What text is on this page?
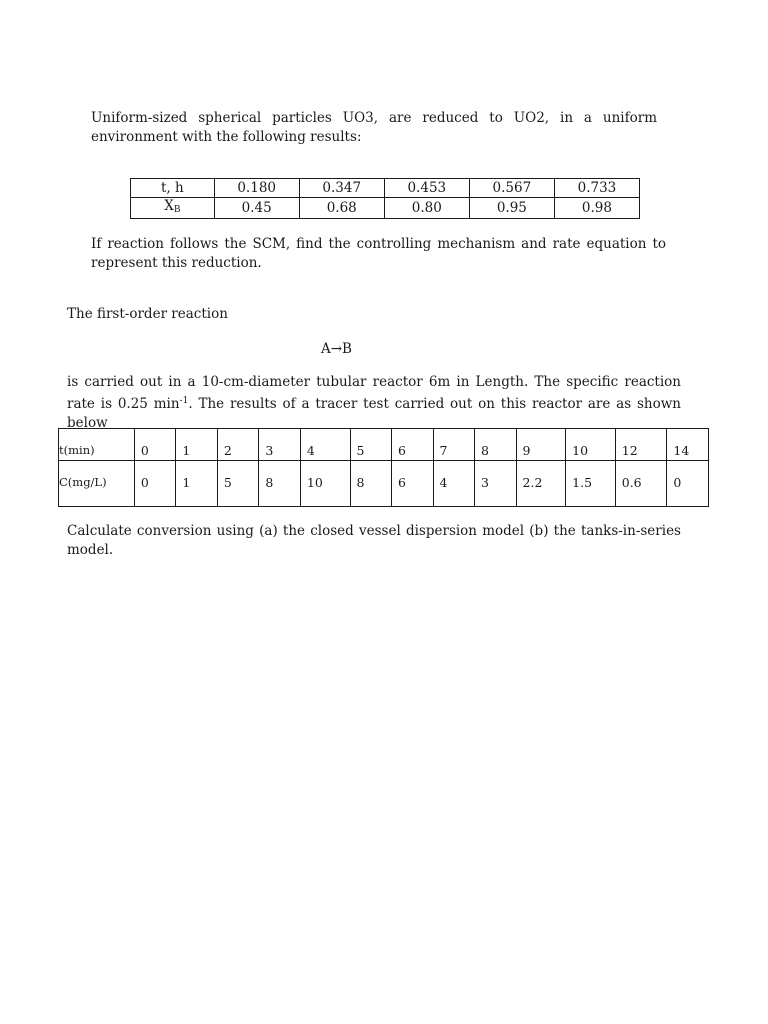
Uniform-sized spherical particles UO3, are reduced to UO2, in a uniform environment with the following results:

t, h	0.180	0.347	0.453	0.567	0.733
$X_B$	0.45	0.68	0.80	0.95	0.98

If reaction follows the SCM, find the controlling mechanism and rate equation to represent this reduction.

The first-order reaction

A→B

is carried out in a 10-cm-diameter tubular reactor 6m in Length. The specific reaction rate is 0.25 $\min^{-1}$. The results of a tracer test carried out on this reactor are as shown below

t(min)	0	1	2	3	4	5	6	7	8	9	10	12	14
C(mg/L)	0	1	5	8	10	8	6	4	3	2.2	1.5	0.6	0

Calculate conversion using (a) the closed vessel dispersion model (b) the tanks-in-series model.
